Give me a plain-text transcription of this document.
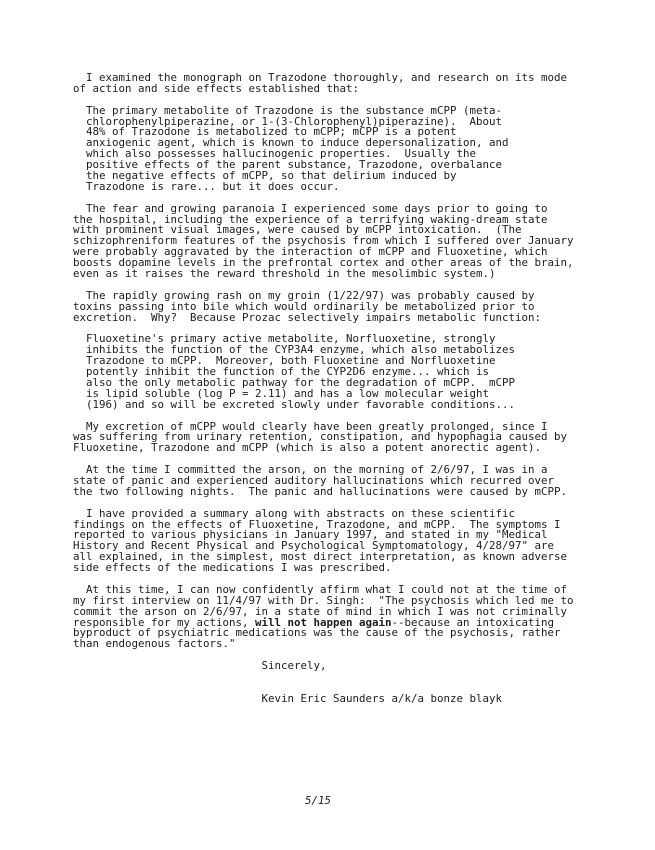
I examined the monograph on Trazodone thoroughly, and research on its mode
of action and side effects established that:
The primary metabolite of Trazodone is the substance mCPP (meta-
chlorophenylpiperazine, or 1-(3-Chlorophenyl)piperazine).  About
48% of Trazodone is metabolized to mCPP; mCPP is a potent
anxiogenic agent, which is known to induce depersonalization, and
which also possesses hallucinogenic properties.  Usually the
positive effects of the parent substance, Trazodone, overbalance
the negative effects of mCPP, so that delirium induced by
Trazodone is rare... but it does occur.
The fear and growing paranoia I experienced some days prior to going to
the hospital, including the experience of a terrifying waking-dream state
with prominent visual images, were caused by mCPP intoxication.  (The
schizophreniform features of the psychosis from which I suffered over January
were probably aggravated by the interaction of mCPP and Fluoxetine, which
boosts dopamine levels in the prefrontal cortex and other areas of the brain,
even as it raises the reward threshold in the mesolimbic system.)
The rapidly growing rash on my groin (1/22/97) was probably caused by
toxins passing into bile which would ordinarily be metabolized prior to
excretion.  Why?  Because Prozac selectively impairs metabolic function:
Fluoxetine's primary active metabolite, Norfluoxetine, strongly
inhibits the function of the CYP3A4 enzyme, which also metabolizes
Trazodone to mCPP.  Moreover, both Fluoxetine and Norfluoxetine
potently inhibit the function of the CYP2D6 enzyme... which is
also the only metabolic pathway for the degradation of mCPP.  mCPP
is lipid soluble (log P = 2.11) and has a low molecular weight
(196) and so will be excreted slowly under favorable conditions...
My excretion of mCPP would clearly have been greatly prolonged, since I
was suffering from urinary retention, constipation, and hypophagia caused by
Fluoxetine, Trazodone and mCPP (which is also a potent anorectic agent).
At the time I committed the arson, on the morning of 2/6/97, I was in a
state of panic and experienced auditory hallucinations which recurred over
the two following nights.  The panic and hallucinations were caused by mCPP.
I have provided a summary along with abstracts on these scientific
findings on the effects of Fluoxetine, Trazodone, and mCPP.  The symptoms I
reported to various physicians in January 1997, and stated in my "Medical
History and Recent Physical and Psychological Symptomatology, 4/28/97" are
all explained, in the simplest, most direct interpretation, as known adverse
side effects of the medications I was prescribed.
At this time, I can now confidently affirm what I could not at the time of
my first interview on 11/4/97 with Dr. Singh:  "The psychosis which led me to
commit the arson on 2/6/97, in a state of mind in which I was not criminally
responsible for my actions, will not happen again--because an intoxicating
byproduct of psychiatric medications was the cause of the psychosis, rather
than endogenous factors."
Sincerely,
Kevin Eric Saunders a/k/a bonze blayk
5/15
